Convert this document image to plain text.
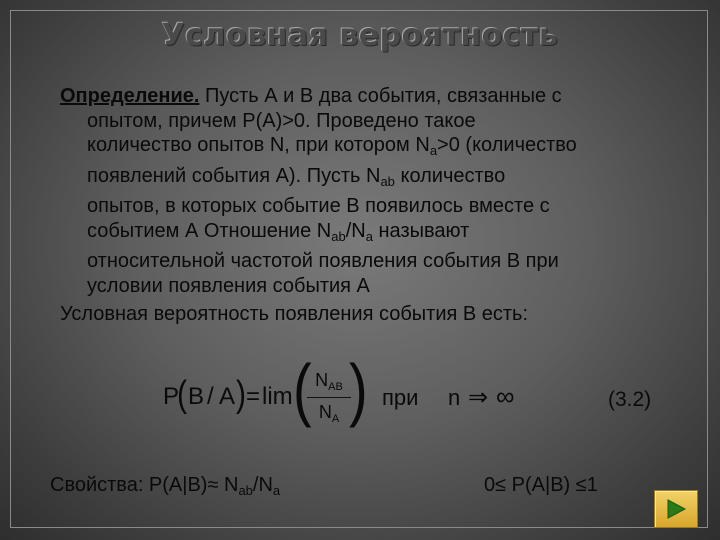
Условная вероятность
Определение. Пусть А и В два события, связанные с
опытом, причем P(A)>0. Проведено такое
количество опытов N, при котором $N_a>0$ (количество
появлений события А). Пусть $N_{ab}$ количество
опытов, в которых событие В появилось вместе с
событием А Отношение $N_{ab}/N_a$ называют
относительной частотой появления события В при
условии появления события А
Условная вероятность появления события В есть:
P
( B / A ) = lim ( $N_{AB}$
$N_A$ ) при n ⇒ ∞	(3.2)
Свойства: $P(A|B)\approx N_{ab}/N_a$	0≤ P(A|B) ≤1
